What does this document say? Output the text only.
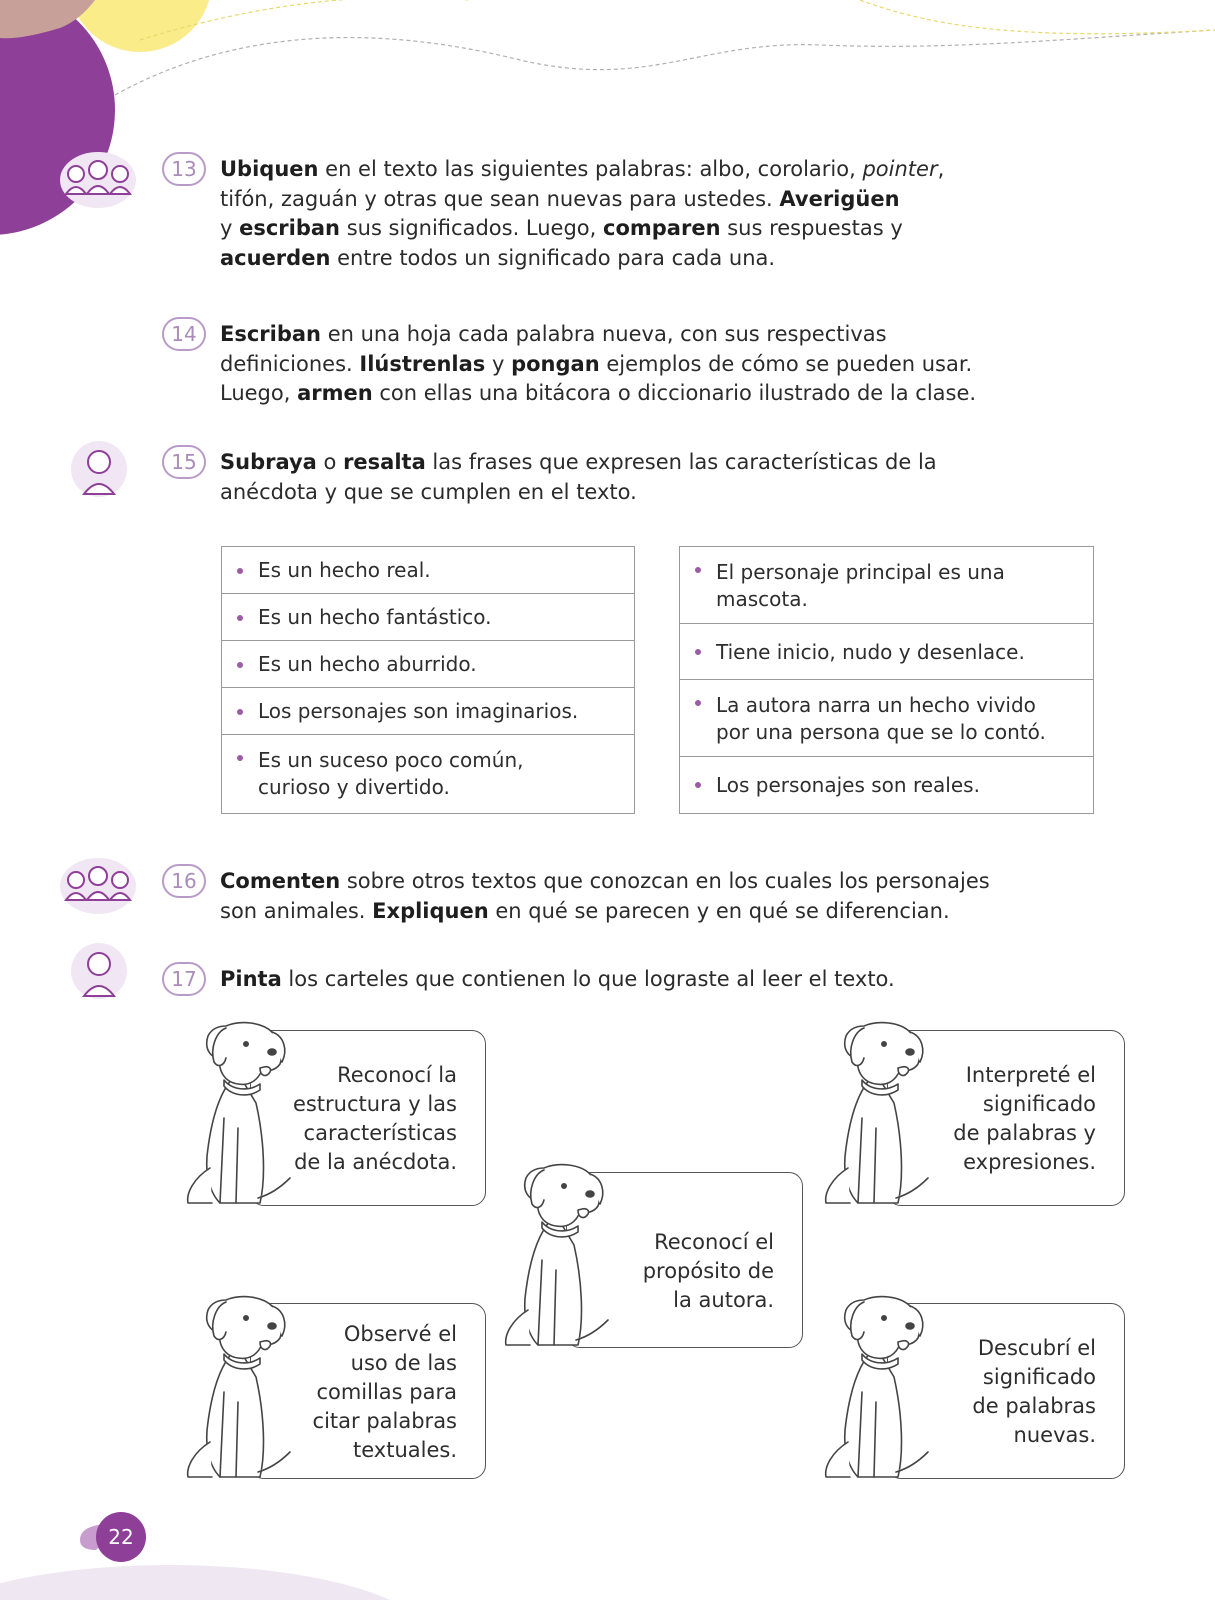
13	Ubiquen en el texto las siguientes palabras: albo, corolario, pointer,
tifón, zaguán y otras que sean nuevas para ustedes. Averigüen
y escriban sus significados. Luego, comparen sus respuestas y
acuerden entre todos un significado para cada una.
14	Escriban en una hoja cada palabra nueva, con sus respectivas
definiciones. Ilústrenlas y pongan ejemplos de cómo se pueden usar.
Luego, armen con ellas una bitácora o diccionario ilustrado de la clase.
15	Subraya o resalta las frases que expresen las características de la
anécdota y que se cumplen en el texto.
Es un hecho real.
Es un hecho fantástico.
Es un hecho aburrido.
Los personajes son imaginarios.
Es un suceso poco común,
curioso y divertido.
El personaje principal es una
mascota.
Tiene inicio, nudo y desenlace.
La autora narra un hecho vivido
por una persona que se lo contó.
Los personajes son reales.
16	Comenten sobre otros textos que conozcan en los cuales los personajes
son animales. Expliquen en qué se parecen y en qué se diferencian.
17	Pinta los carteles que contienen lo que lograste al leer el texto.
Reconocí la
estructura y las
características
de la anécdota.
Interpreté el
significado
de palabras y
expresiones.
Reconocí el
propósito de
la autora.
Observé el
uso de las
comillas para
citar palabras
textuales.
Descubrí el
significado
de palabras
nuevas.
22
